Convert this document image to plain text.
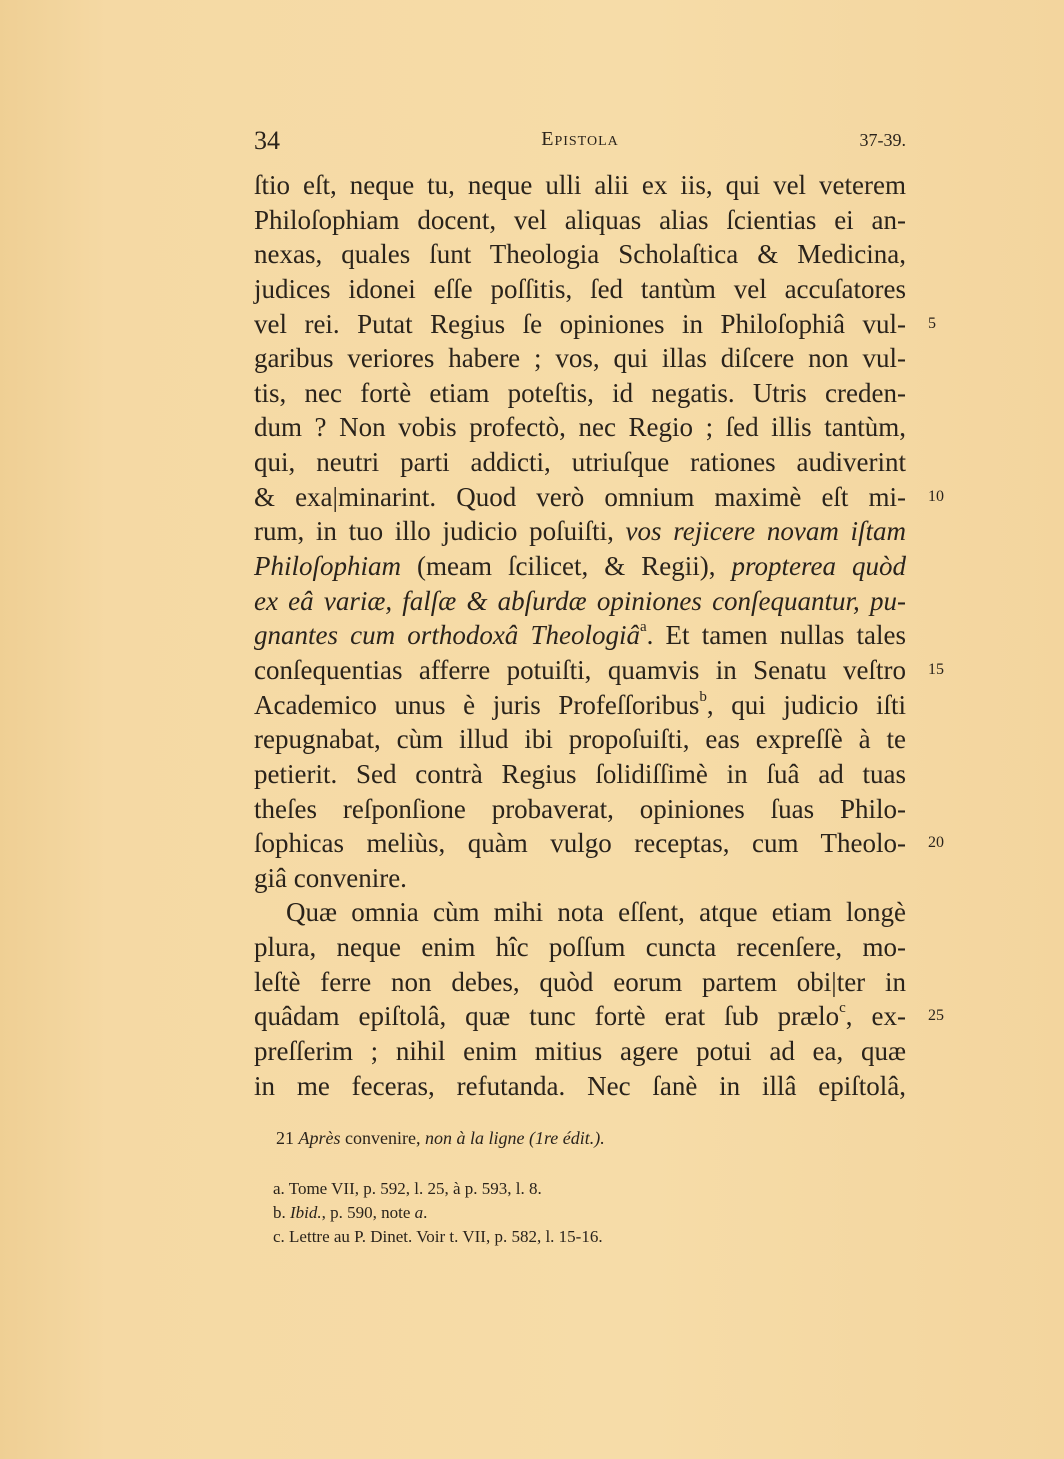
34	Epistola	37-39.
ſtio eſt, neque tu, neque ulli alii ex iis, qui vel veterem
Philoſophiam docent, vel aliquas alias ſcientias ei an-
nexas, quales ſunt Theologia Scholaſtica & Medicina,
judices idonei eſſe poſſitis, ſed tantùm vel accuſatores
vel rei. Putat Regius ſe opiniones in Philoſophiâ vul- 5
garibus veriores habere ; vos, qui illas diſcere non vul-
tis, nec fortè etiam poteſtis, id negatis. Utris creden-
dum ? Non vobis profectò, nec Regio ; ſed illis tantùm,
qui, neutri parti addicti, utriuſque rationes audiverint
& exa|minarint. Quod verò omnium maximè eſt mi- 10
rum, in tuo illo judicio poſuiſti, vos rejicere novam iſtam
Philoſophiam (meam ſcilicet, & Regii), propterea quòd
ex eâ variæ, falſæ & abſurdæ opiniones conſequantur, pu-
gnantes cum orthodoxâ Theologiâ$^a$. Et tamen nullas tales
conſequentias afferre potuiſti, quamvis in Senatu veſtro 15
Academico unus è juris Profeſſoribus$^b$, qui judicio iſti
repugnabat, cùm illud ibi propoſuiſti, eas expreſſè à te
petierit. Sed contrà Regius ſolidiſſimè in ſuâ ad tuas
theſes reſponſione probaverat, opiniones ſuas Philo-
ſophicas meliùs, quàm vulgo receptas, cum Theolo- 20
giâ convenire.
Quæ omnia cùm mihi nota eſſent, atque etiam longè
plura, neque enim hîc poſſum cuncta recenſere, mo-
leſtè ferre non debes, quòd eorum partem obi|ter in
quâdam epiſtolâ, quæ tunc fortè erat ſub prælo$^c$, ex- 25
preſſerim ; nihil enim mitius agere potui ad ea, quæ
in me feceras, refutanda. Nec ſanè in illâ epiſtolâ,
21 Après convenire, non à la ligne (1re édit.).
a. Tome VII, p. 592, l. 25, à p. 593, l. 8.
b. Ibid., p. 590, note a.
c. Lettre au P. Dinet. Voir t. VII, p. 582, l. 15-16.
